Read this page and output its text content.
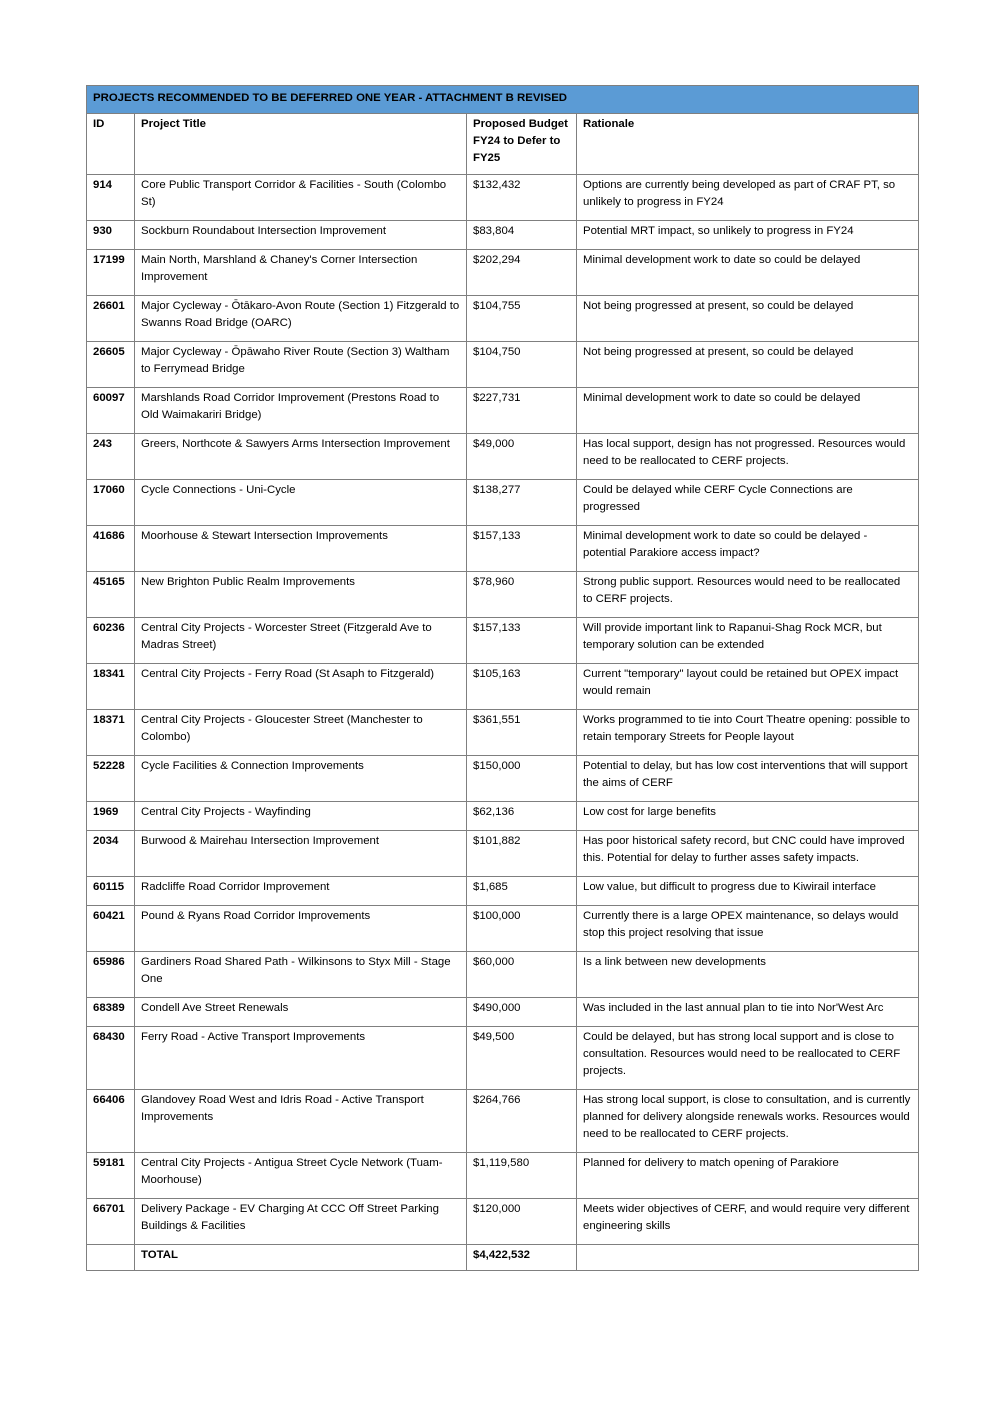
PROJECTS RECOMMENDED TO BE DEFERRED ONE YEAR - ATTACHMENT B REVISED			
ID	Project Title	Proposed Budget FY24 to Defer to FY25	Rationale
914	Core Public Transport Corridor & Facilities - South (Colombo St)	$132,432	Options are currently being developed as part of CRAF PT, so unlikely to progress in FY24
930	Sockburn Roundabout Intersection Improvement	$83,804	Potential MRT impact, so unlikely to progress in FY24
17199	Main North, Marshland & Chaney's Corner Intersection Improvement	$202,294	Minimal development work to date so could be delayed
26601	Major Cycleway - Ōtākaro-Avon Route (Section 1) Fitzgerald to Swanns Road Bridge (OARC)	$104,755	Not being progressed at present, so could be delayed
26605	Major Cycleway - Ōpāwaho River Route (Section 3) Waltham to Ferrymead Bridge	$104,750	Not being progressed at present, so could be delayed
60097	Marshlands Road Corridor Improvement (Prestons Road to Old Waimakariri Bridge)	$227,731	Minimal development work to date so could be delayed
243	Greers, Northcote & Sawyers Arms Intersection Improvement	$49,000	Has local support, design has not progressed. Resources would need to be reallocated to CERF projects.
17060	Cycle Connections - Uni-Cycle	$138,277	Could be delayed while CERF Cycle Connections are progressed
41686	Moorhouse & Stewart Intersection Improvements	$157,133	Minimal development work to date so could be delayed - potential Parakiore access impact?
45165	New Brighton Public Realm Improvements	$78,960	Strong public support. Resources would need to be reallocated to CERF projects.
60236	Central City Projects - Worcester Street (Fitzgerald Ave to Madras Street)	$157,133	Will provide important link to Rapanui-Shag Rock MCR, but temporary solution can be extended
18341	Central City Projects - Ferry Road (St Asaph to Fitzgerald)	$105,163	Current "temporary" layout could be retained but OPEX impact would remain
18371	Central City Projects - Gloucester Street (Manchester to Colombo)	$361,551	Works programmed to tie into Court Theatre opening: possible to retain temporary Streets for People layout
52228	Cycle Facilities & Connection Improvements	$150,000	Potential to delay, but has low cost interventions that will support the aims of CERF
1969	Central City Projects - Wayfinding	$62,136	Low cost for large benefits
2034	Burwood & Mairehau Intersection Improvement	$101,882	Has poor historical safety record, but CNC could have improved this. Potential for delay to further asses safety impacts.
60115	Radcliffe Road Corridor Improvement	$1,685	Low value, but difficult to progress due to Kiwirail interface
60421	Pound & Ryans Road Corridor Improvements	$100,000	Currently there is a large OPEX maintenance, so delays would stop this project resolving that issue
65986	Gardiners Road Shared Path - Wilkinsons to Styx Mill - Stage One	$60,000	Is a link between new developments
68389	Condell Ave Street Renewals	$490,000	Was included in the last annual plan to tie into Nor'West Arc
68430	Ferry Road - Active Transport Improvements	$49,500	Could be delayed, but has strong local support and is close to consultation. Resources would need to be reallocated to CERF projects.
66406	Glandovey Road West and Idris Road - Active Transport Improvements	$264,766	Has strong local support, is close to consultation, and is currently planned for delivery alongside renewals works. Resources would need to be reallocated to CERF projects.
59181	Central City Projects - Antigua Street Cycle Network (Tuam-Moorhouse)	$1,119,580	Planned for delivery to match opening of Parakiore
66701	Delivery Package - EV Charging At CCC Off Street Parking Buildings & Facilities	$120,000	Meets wider objectives of CERF, and would require very different engineering skills
	TOTAL	$4,422,532	
